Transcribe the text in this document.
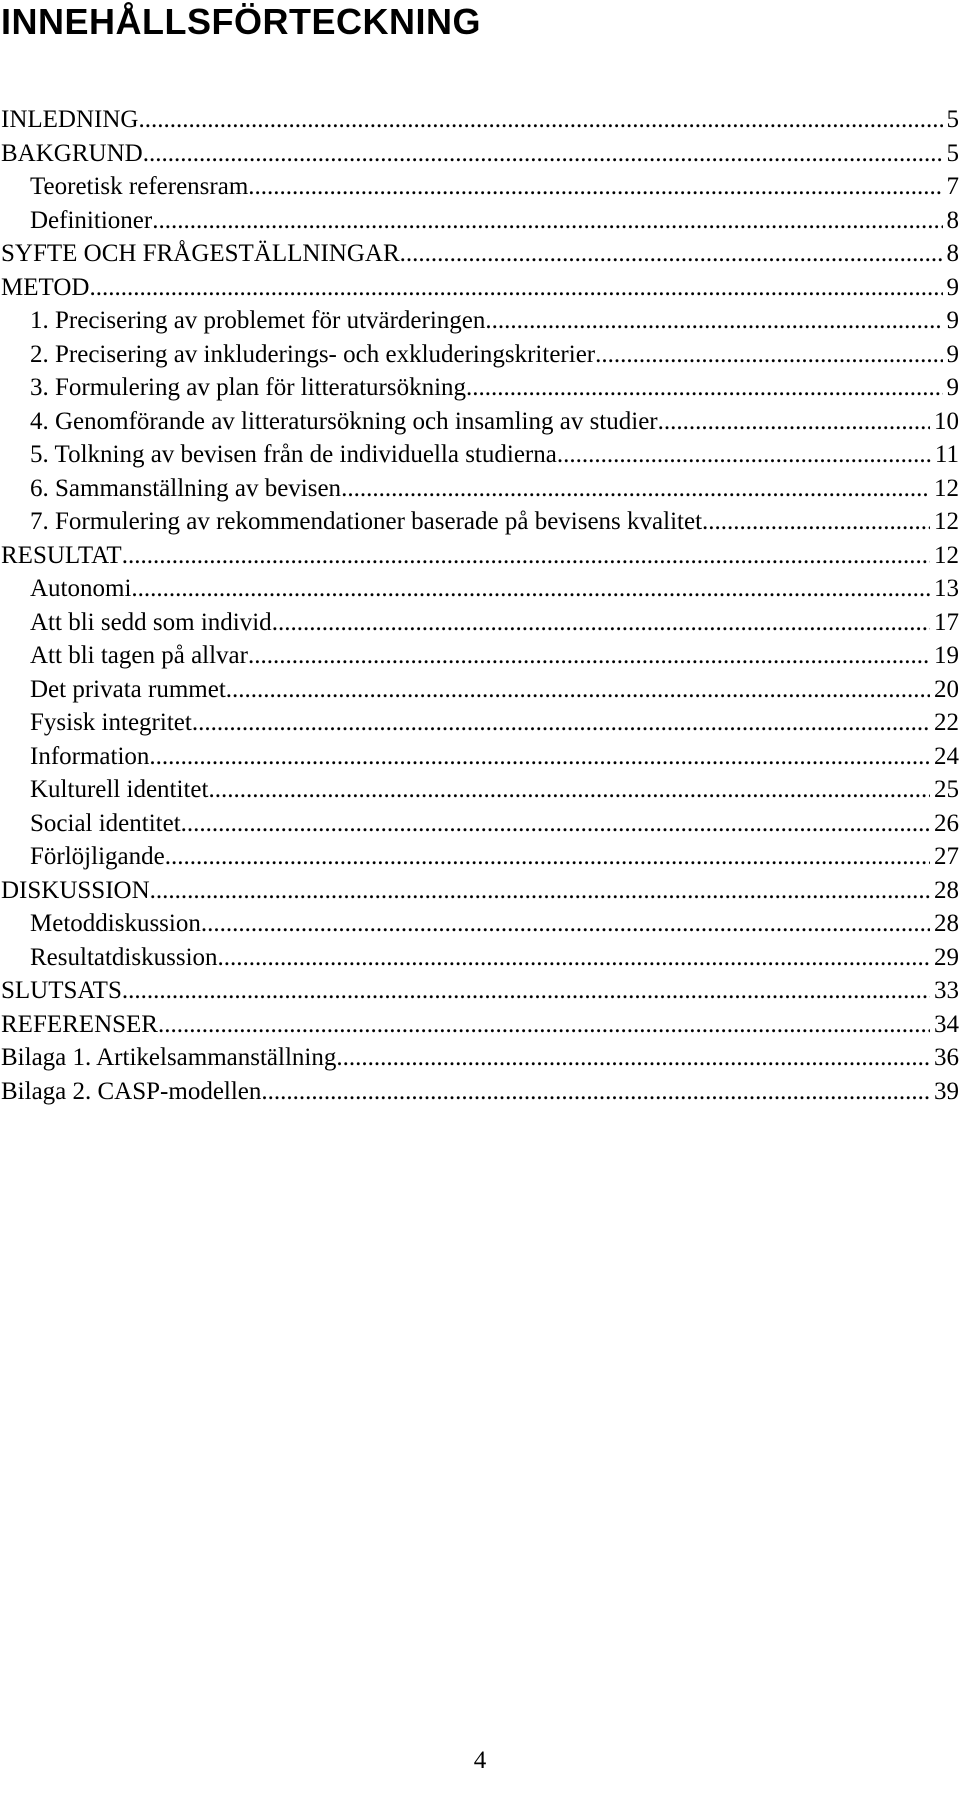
INNEHÅLLSFÖRTECKNING
INLEDNING .....	5
BAKGRUND .....	5
Teoretisk referensram .....	7
Definitioner .....	8
SYFTE OCH FRÅGESTÄLLNINGAR .....	8
METOD .....	9
1. Precisering av problemet för utvärderingen .....	9
2. Precisering av inkluderings- och exkluderingskriterier .....	9
3. Formulering av plan för litteratursökning .....	9
4. Genomförande av litteratursökning och insamling av studier .....	10
5. Tolkning av bevisen från de individuella studierna .....	11
6. Sammanställning av bevisen .....	12
7. Formulering av rekommendationer baserade på bevisens kvalitet .....	12
RESULTAT .....	12
Autonomi .....	13
Att bli sedd som individ .....	17
Att bli tagen på allvar .....	19
Det privata rummet .....	20
Fysisk integritet .....	22
Information .....	24
Kulturell identitet .....	25
Social identitet .....	26
Förlöjligande .....	27
DISKUSSION .....	28
Metoddiskussion .....	28
Resultatdiskussion .....	29
SLUTSATS .....	33
REFERENSER .....	34
Bilaga 1. Artikelsammanställning .....	36
Bilaga 2. CASP-modellen .....	39
4
